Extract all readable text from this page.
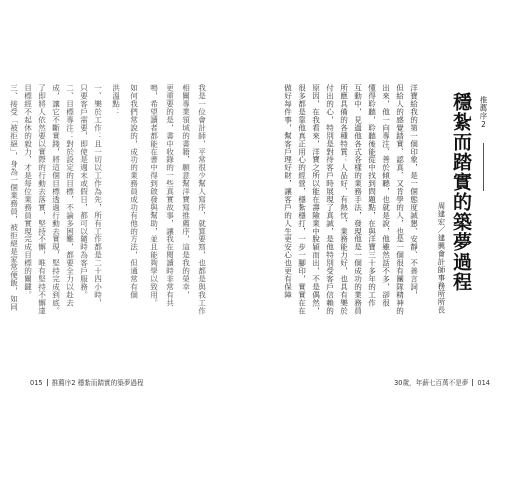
三、接受「被拒絕」，身為一個業務員，被拒絕是家常便飯，如同 目標經不起休的毅力，才是每位業務員實現完成目標的關鍵。 了即將人依然要以實際的行動去落實，堅持不懈，唯有堅持不懈達 成，讓它不斷實踐，將這個目標透過行動去實現，堅持完成到底。 二、目標專注：對於設定的目標，不論多困難，都要全力以赴去 只要客戶需要，即使是週末或假日，都可以隨時為客戶服務。 一、樂於工作：且一切以工作為先，所有工作都是二十四小時， 洪溫點： 如何我們常說的，成功的業務員成功有他的方法，但通常有個 鳴，希望讀者都能在書中得到啟發與幫助，並且能夠學以致用。 更重要的是，書中收錄的一些真實故事，讓我在閱讀時非常有共 相關專業領域的書籍，願意幫洋寶寫推薦序，這是我的榮幸， 我是一位會計師，平常很少幫人寫序，就算要寫，也都是與我工作	做好每件事，幫客戶理好財，讓客戶的人生更安心也更有保障 很多都是靠他真正用心的經營，穩紮穩打，一步一腳印，實實在在 原因，在我看來，洋寶之所以能在壽險業中脫穎而出，不是偶然， 付出的心，特別是對待客戶時展現了真誠，是他特別受客戶信賴的 所應具備的各種特質：人品好、有熱忱、業務能力好，也具有樂於 互動中，見過他各式各樣的業務手法，發現他是一個成功的業務員 懂得聆聽，聆聽後能從中找到問題點，在與洋寶三十多年的工作 出來，他一向專注、善於傾聽，也就是說，他雖然話不多，卻很 但給人的感覺踏實、認真、又肯學的人，也是一個很有團隊精神的 洋寶給我的第一個印象，是一個態度誠懇、安靜、不善言詞， 周建宏／建興會計師事務所所長 穩紮而踏實的築夢過程 推薦序2
015 推薦序2 穩紮而踏實的築夢過程	30歲，年薪七百萬不是夢 014
